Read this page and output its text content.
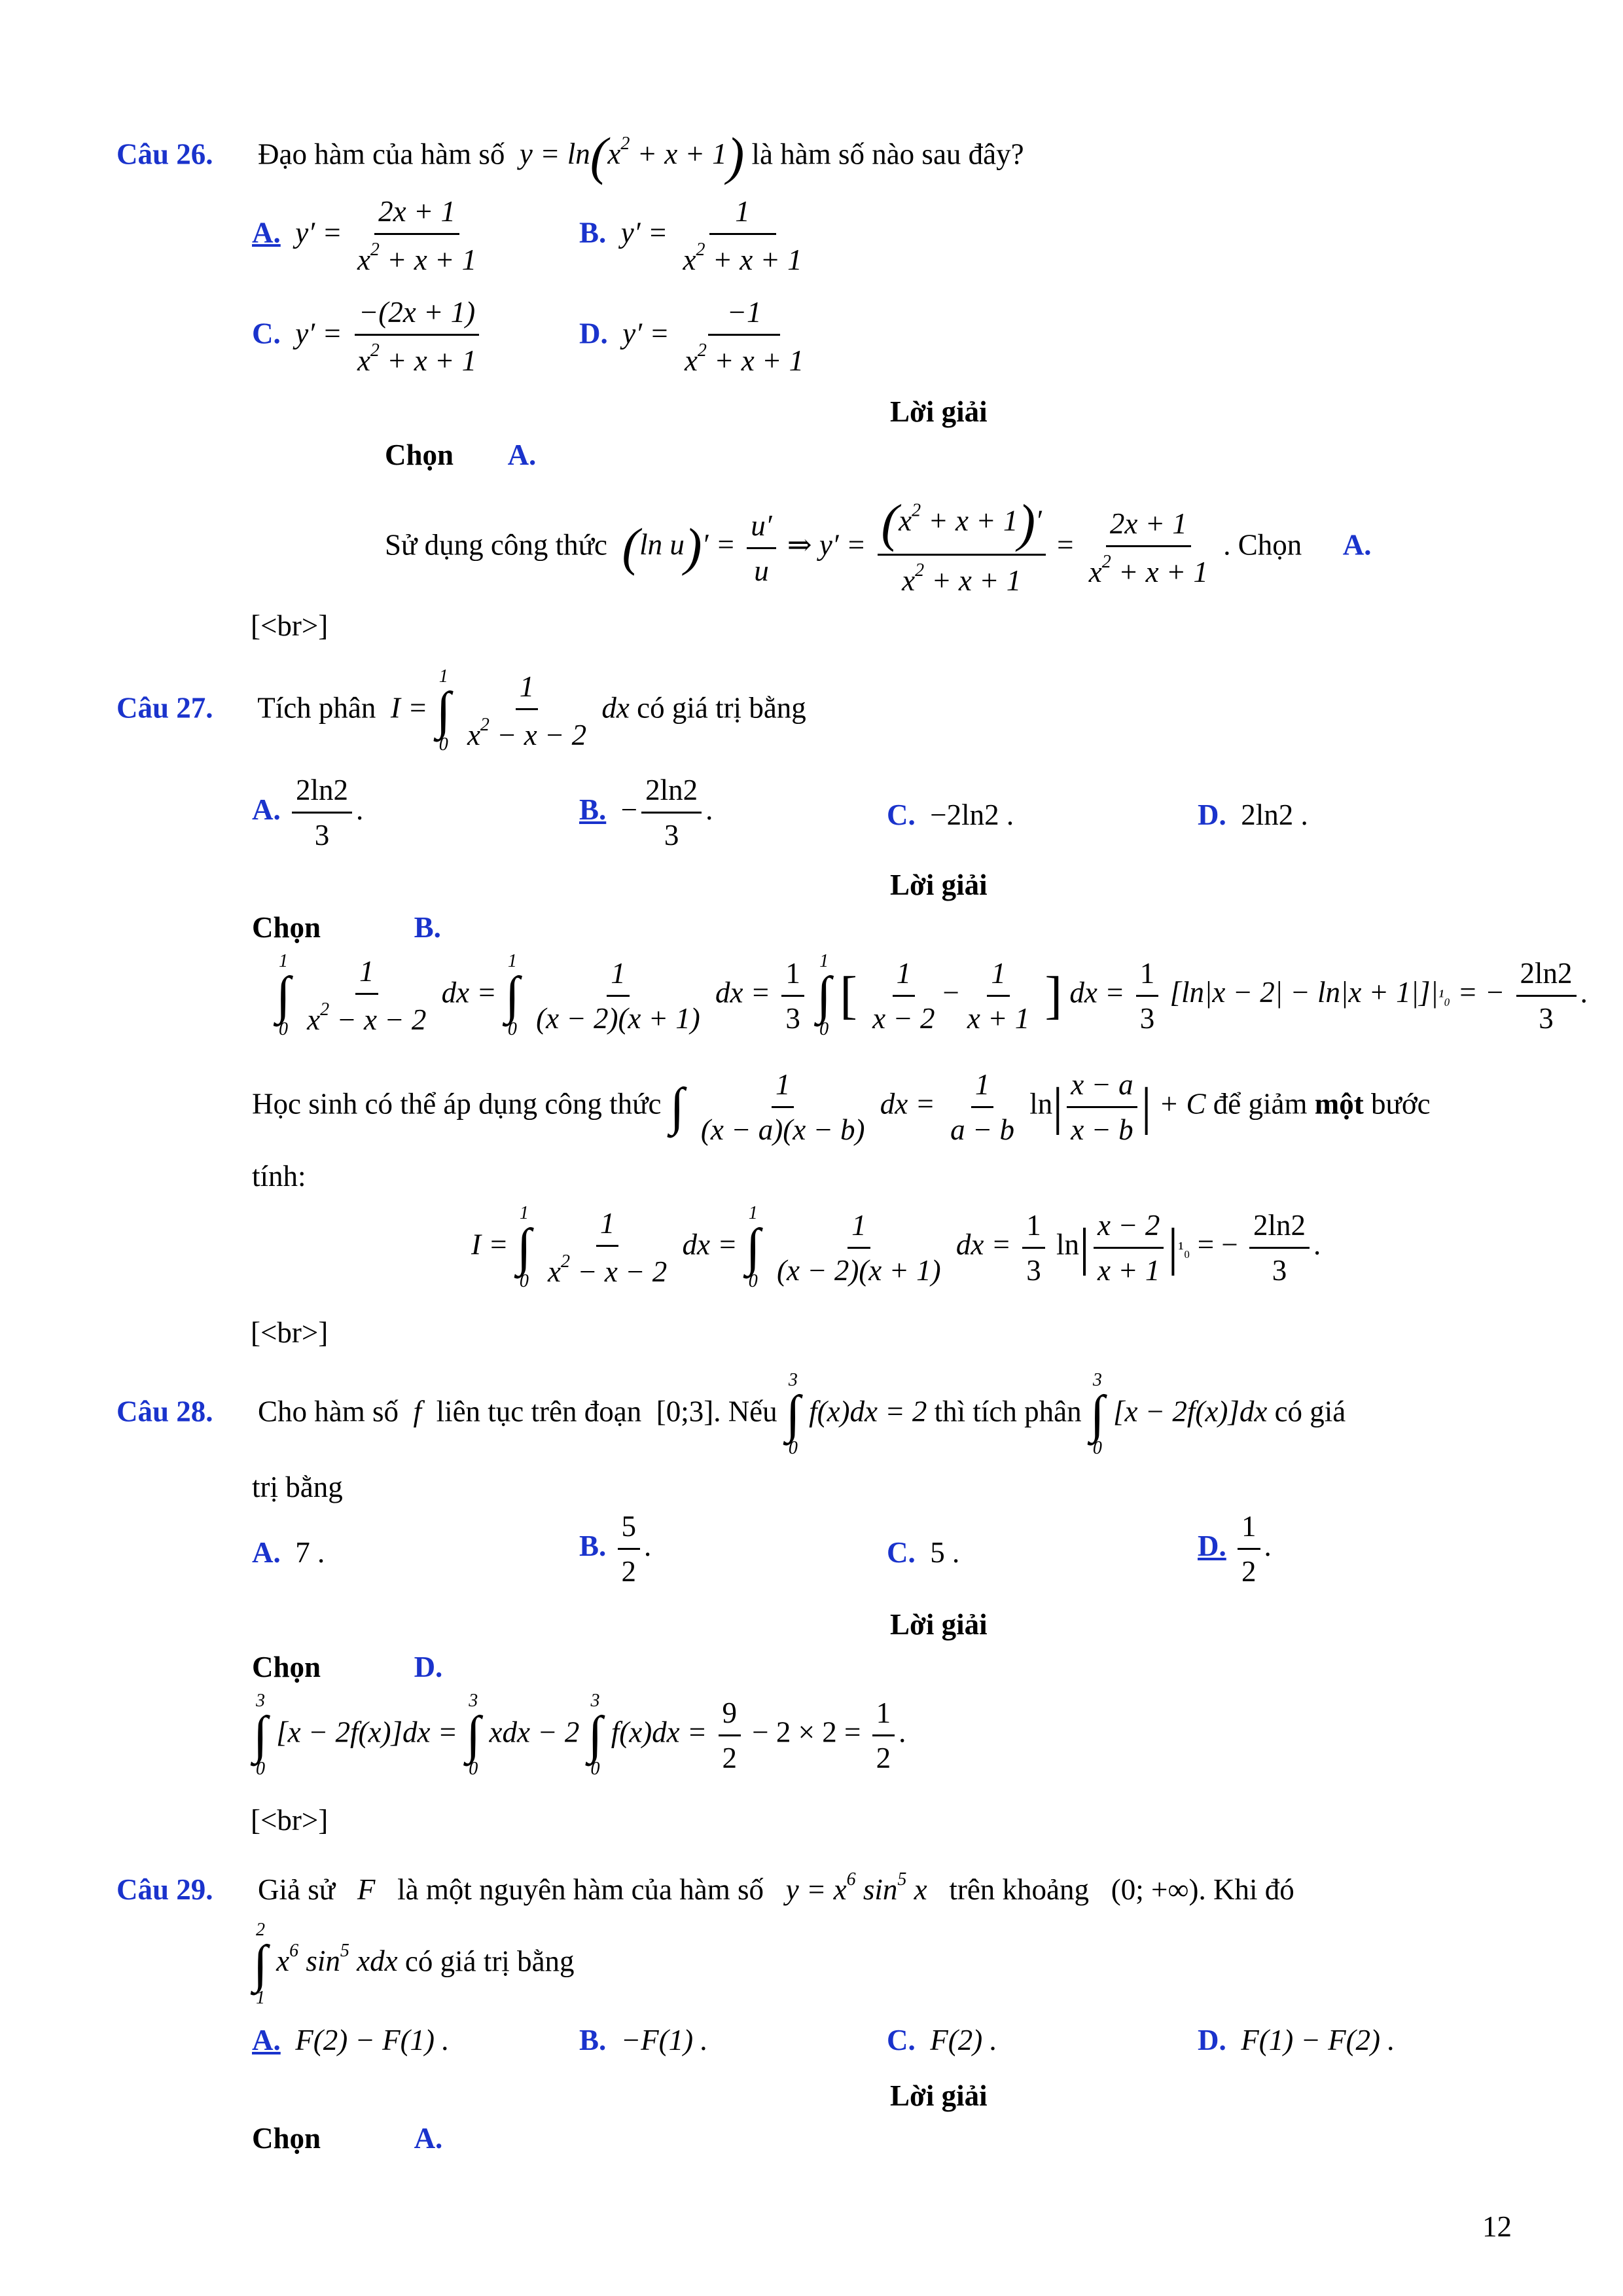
Câu 26. Đạo hàm của hàm số  $y = \ln(x^2 + x + 1)$ là hàm số nào sau đây?
A.  $y' = \frac{2x + 1}{x^2 + x + 1}$	B.  $y' = \frac{1}{x^2 + x + 1}$
C.  $y' = \frac{-(2x + 1)}{x^2 + x + 1}$	D.  $y' = \frac{-1}{x^2 + x + 1}$
Lời giải
Chọn A.
Sử dụng công thức (ln $u)' = \frac{u'}{u}$ ⇒ $y' = \frac{(x^2 + x + 1)'}{x^2 + x + 1} = \frac{2x + 1}{x^2 + x + 1}$ . Chọn A.
[<br>]
Câu 27. Tích phân  I =
1
∫
0
$\frac{1}{x^2 - x - 2}$ dx có giá trị bằng
A. $\frac{2\ln 2}{3}$ .	B.  − $\frac{2\ln 2}{3}$ .	C.  −2ln2 .	D.  2ln2 .
Lời giải
Chọn	B.
1
∫
0
$\frac{1}{x^2 - x - 2}$ dx =
1
∫
0
$\frac{1}{(x - 2)(x + 1)}$ dx = $\frac{1}{3}$
1
∫
0
[ $\frac{1}{x - 2} - \frac{1}{x + 1}$ ] dx = $\frac{1}{3} [\ln|x - 2| - \ln|x + 1|]|^1_0$ = − $\frac{2\ln 2}{3}$ .
Học sinh có thể áp dụng công thức
∫

$\frac{1}{(x - a)(x - b)}$ dx = $\frac{1}{a - b} \ln| \frac{x - a}{x - b}$ | + C để giảm một bước
tính:
I =
1
∫
0
$\frac{1}{x^2 - x - 2}$ dx =
1
∫
0
$\frac{1}{(x - 2)(x + 1)}$ dx = $\frac{1}{3} \ln| \frac{x - 2}{x + 1} |^1_0$ = − $\frac{2\ln 2}{3}$ .
[<br>]
Câu 28. Cho hàm số  f  liên tục trên đoạn  [0;3]. Nếu
3
∫
0
f(x)dx = 2 thì tích phân
3
∫
0
[x − 2f(x)]dx có giá
trị bằng
A.  7 .	B. $\frac{5}{2}$ .	C.  5 .	D. $\frac{1}{2}$ .
Lời giải
Chọn	D.
3
∫
0
[x − 2f(x)]dx =
3
∫
0
xdx − 2
3
∫
0
$f(x)dx = \frac{9}{2} - 2 \times 2 = \frac{1}{2}$ .
[<br>]
Câu 29. Giả sử   F   là một nguyên hàm của hàm số   $y = x^6$ $\sin^5 x$   trên khoảng   (0; +∞). Khi đó
2
∫
1
$x^6$ $\sin^5$ xdx có giá trị bằng
A.  F(2) − F(1) .	B.  −F(1) .	C.  F(2) .	D.  F(1) − F(2) .
Lời giải
Chọn	A.
12
